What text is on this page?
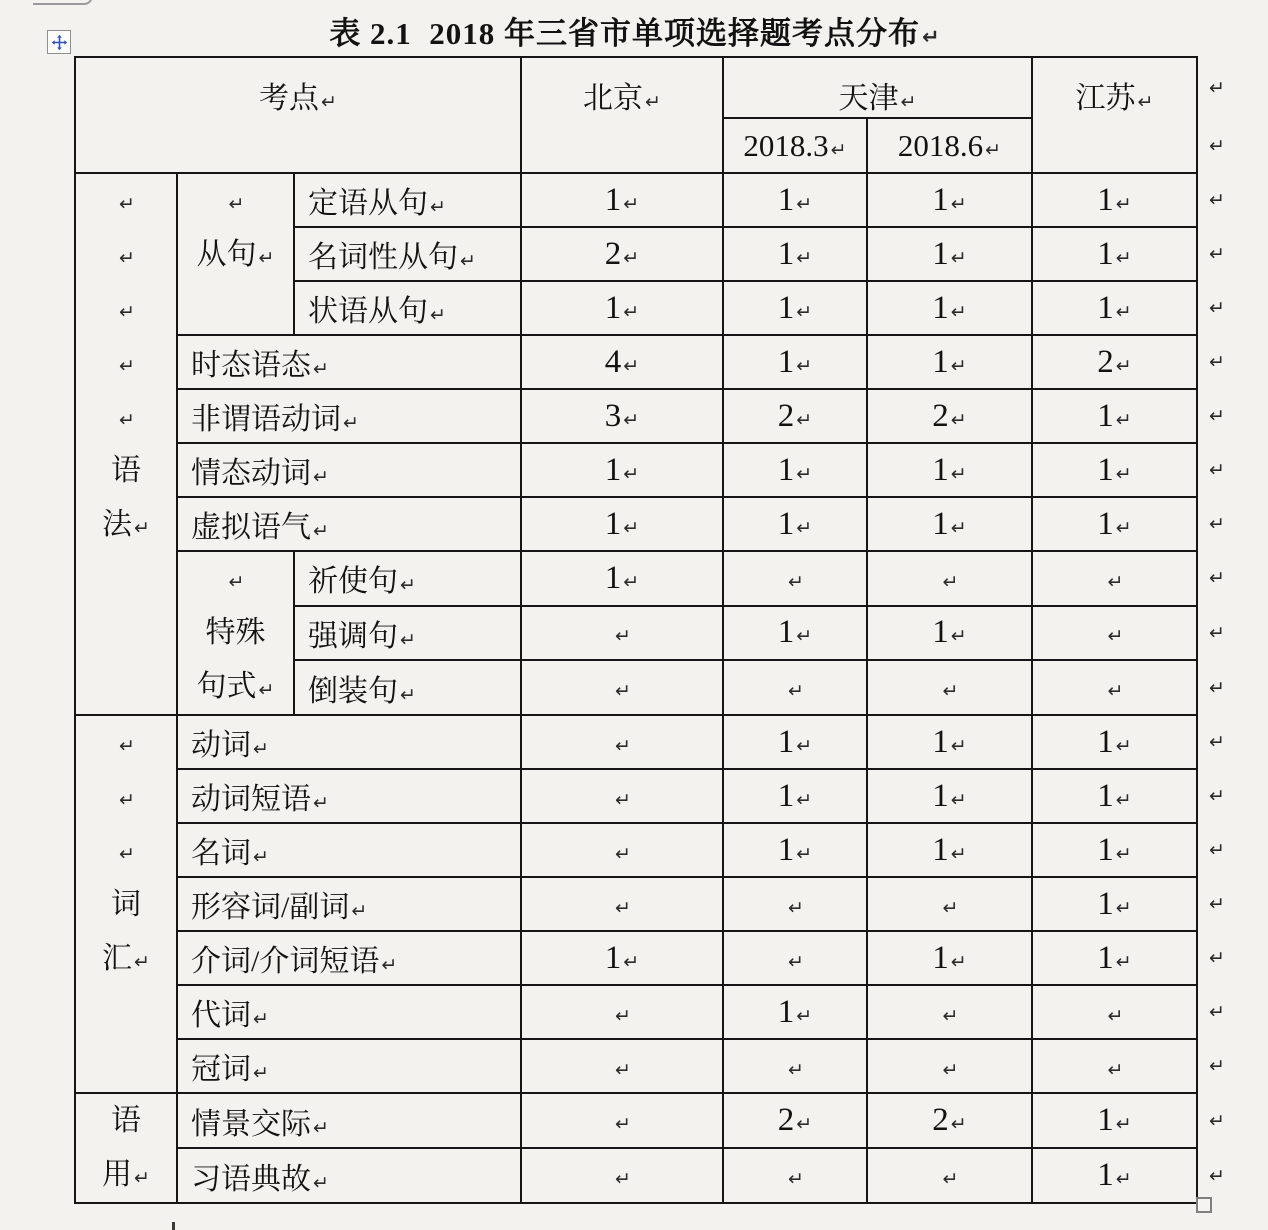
表 2.1  2018 年三省市单项选择题考点分布↵
考点 ↵			北京 ↵	天津 ↵		江苏 ↵	↵
				2018.3 ↵	2018.6 ↵		↵

↵
↵
↵
↵
↵
语
法 ↵

↵
从句 ↵
	定语从句 ↵	1 ↵	1 ↵	1 ↵	1 ↵	↵
		名词性从句 ↵	2 ↵	1 ↵	1 ↵	1 ↵	↵
		状语从句 ↵	1 ↵	1 ↵	1 ↵	1 ↵	↵
	时态语态 ↵		4 ↵	1 ↵	1 ↵	2 ↵	↵
	非谓语动词 ↵		3 ↵	2 ↵	2 ↵	1 ↵	↵
	情态动词 ↵		1 ↵	1 ↵	1 ↵	1 ↵	↵
	虚拟语气 ↵		1 ↵	1 ↵	1 ↵	1 ↵	↵

	↵
特殊
句式 ↵	祈使句 ↵	1 ↵	↵	↵	↵	↵
		强调句 ↵	↵	1 ↵	1 ↵	↵	↵
		倒装句 ↵	↵	↵	↵	↵	↵

↵
↵
↵
词
汇 ↵	动词 ↵		↵	1 ↵	1 ↵	1 ↵	↵
	动词短语 ↵		↵	1 ↵	1 ↵	1 ↵	↵
	名词 ↵		↵	1 ↵	1 ↵	1 ↵	↵
	形容词/副词 ↵		↵	↵	↵	1 ↵	↵
	介词/介词短语 ↵		1 ↵	↵	1 ↵	1 ↵	↵
	代词 ↵		↵	1 ↵	↵	↵	↵
	冠词 ↵		↵	↵	↵	↵	↵

语
用 ↵	情景交际 ↵		↵	2 ↵	2 ↵	1 ↵	↵
	习语典故 ↵		↵	↵	↵	1 ↵	↵
